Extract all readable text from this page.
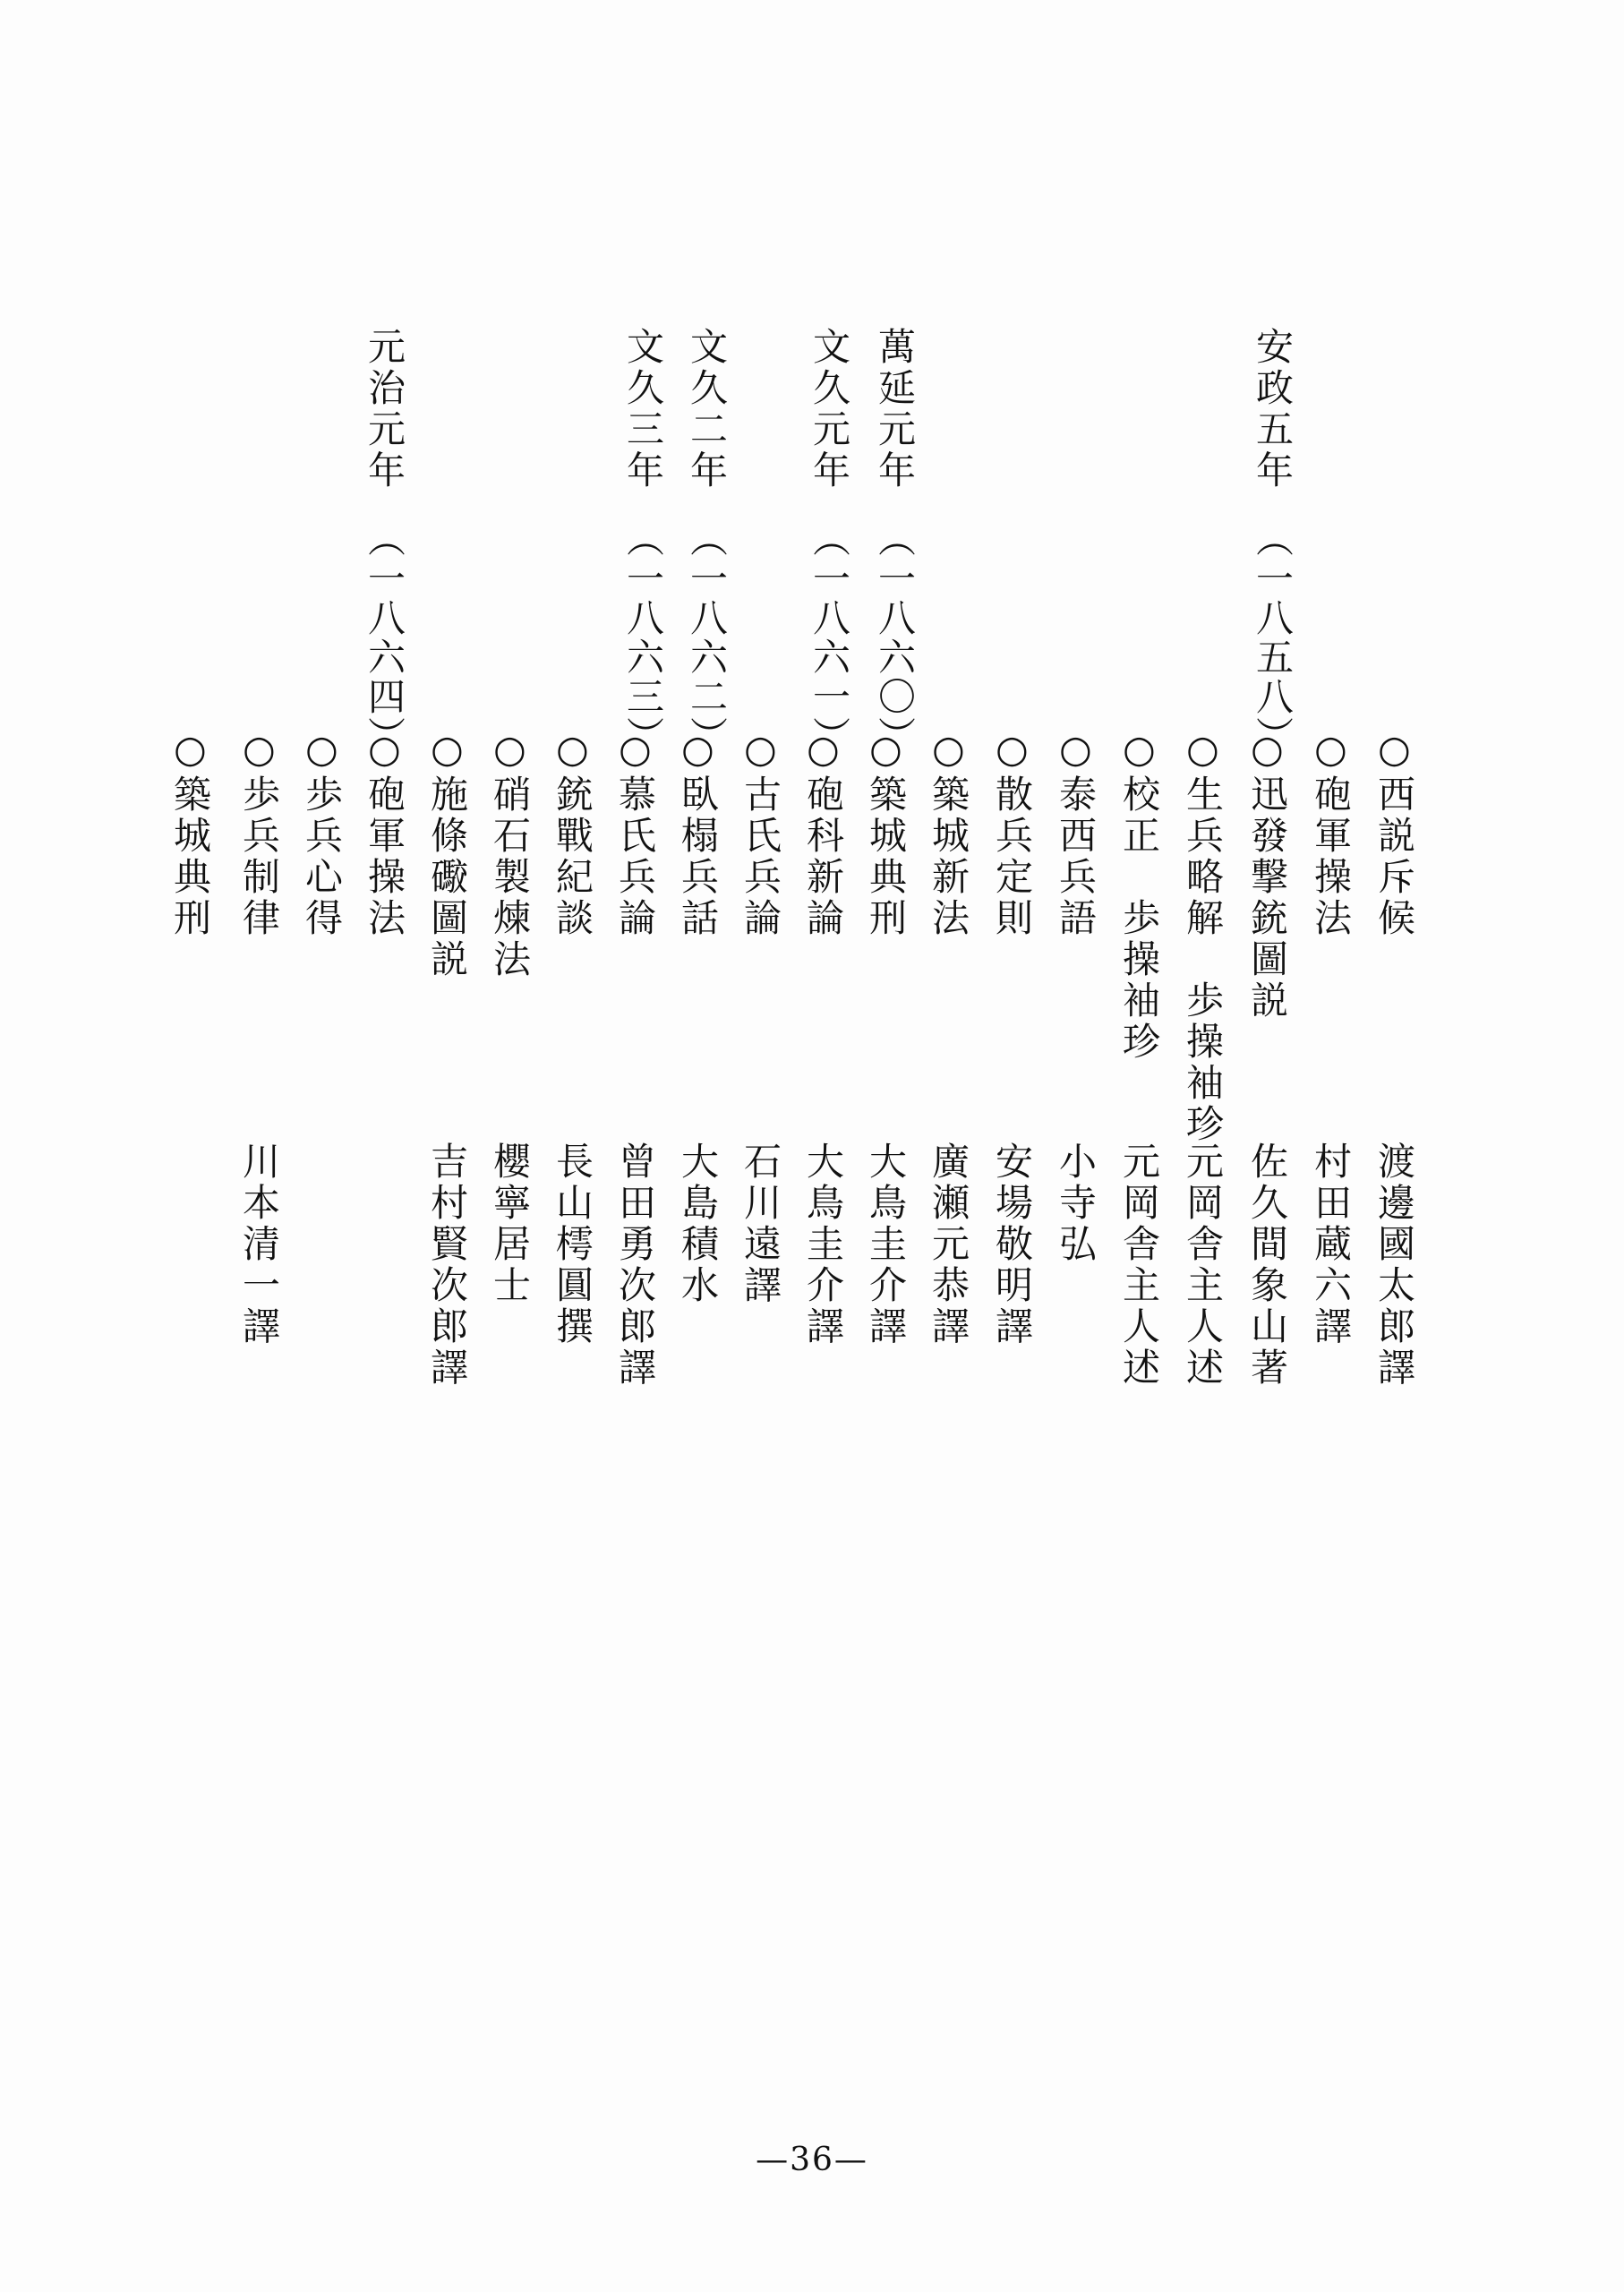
安政五年
（一八五八）
萬延元年
（一八六〇）
文久元年
（一八六一）
文久二年
（一八六二）
文久三年
（一八六三）
元治元年
（一八六四）
○西説斥候
○砲軍操法
○迅發撃銃圖説
○生兵略解　歩操袖珍
○校正　歩操袖珍
○泰西兵語
○散兵定則
○築城新法
○築城典刑
○砲科新論
○古氏兵論
○臥榻兵話
○慕氏兵論
○銃戰紀談
○硝石製煉法
○施條礮圖説
○砲軍操法
○歩兵心得
○歩兵制律
○築城典刑
渡邊國太郎譯
村田蔵六譯
佐久間象山著
元岡舎主人述
元岡舎主人述
小寺弘
安場敬明譯
廣瀬元恭譯
大鳥圭介譯
大鳥圭介譯
石川遠譯
大島積水
曾田勇次郎譯
長山樗圓撰
櫻寧居士
吉村賢次郎譯
川本清一譯
—36—
